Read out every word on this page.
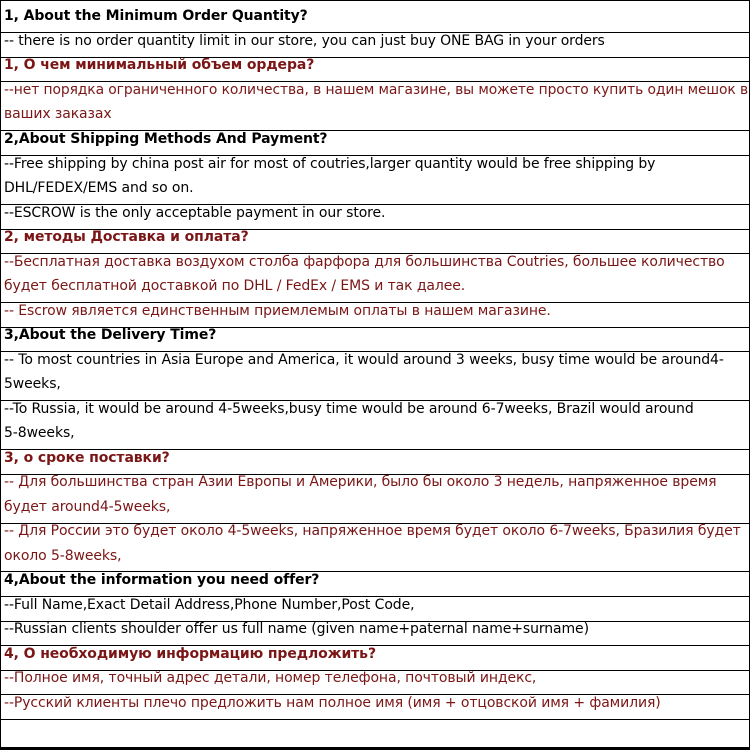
1, About the Minimum Order Quantity?
-- there is no order quantity limit in our store, you can just buy ONE BAG in your orders
1, О чем минимальный объем ордера?
--нет порядка ограниченного количества, в нашем магазине, вы можете просто купить один мешок в
ваших заказах
2,About Shipping Methods And Payment?
--Free shipping by china post air for most of coutries,larger quantity would be free shipping by
DHL/FEDEX/EMS and so on.
--ESCROW is the only acceptable payment in our store.
2, методы Доставка и оплата?
--Бесплатная доставка воздухом столба фарфора для большинства Coutries, большее количество
будет бесплатной доставкой по DHL / FedEx / EMS и так далее.
-- Escrow является единственным приемлемым оплаты в нашем магазине.
3,About the Delivery Time?
-- To most countries in Asia Europe and America, it would around 3 weeks, busy time would be around4-
5weeks,
--To Russia, it would be around 4-5weeks,busy time would be around 6-7weeks, Brazil would around
5-8weeks,
3, о сроке поставки?
-- Для большинства стран Азии Европы и Америки, было бы около 3 недель, напряженное время
будет around4-5weeks,
-- Для России это будет около 4-5weeks, напряженное время будет около 6-7weeks, Бразилия будет
около 5-8weeks,
4,About the information you need offer?
--Full Name,Exact Detail Address,Phone Number,Post Code,
--Russian clients shoulder offer us full name (given name+paternal name+surname)
4, О необходимую информацию предложить?
--Полное имя, точный адрес детали, номер телефона, почтовый индекс,
--Русский клиенты плечо предложить нам полное имя (имя + отцовской имя + фамилия)
